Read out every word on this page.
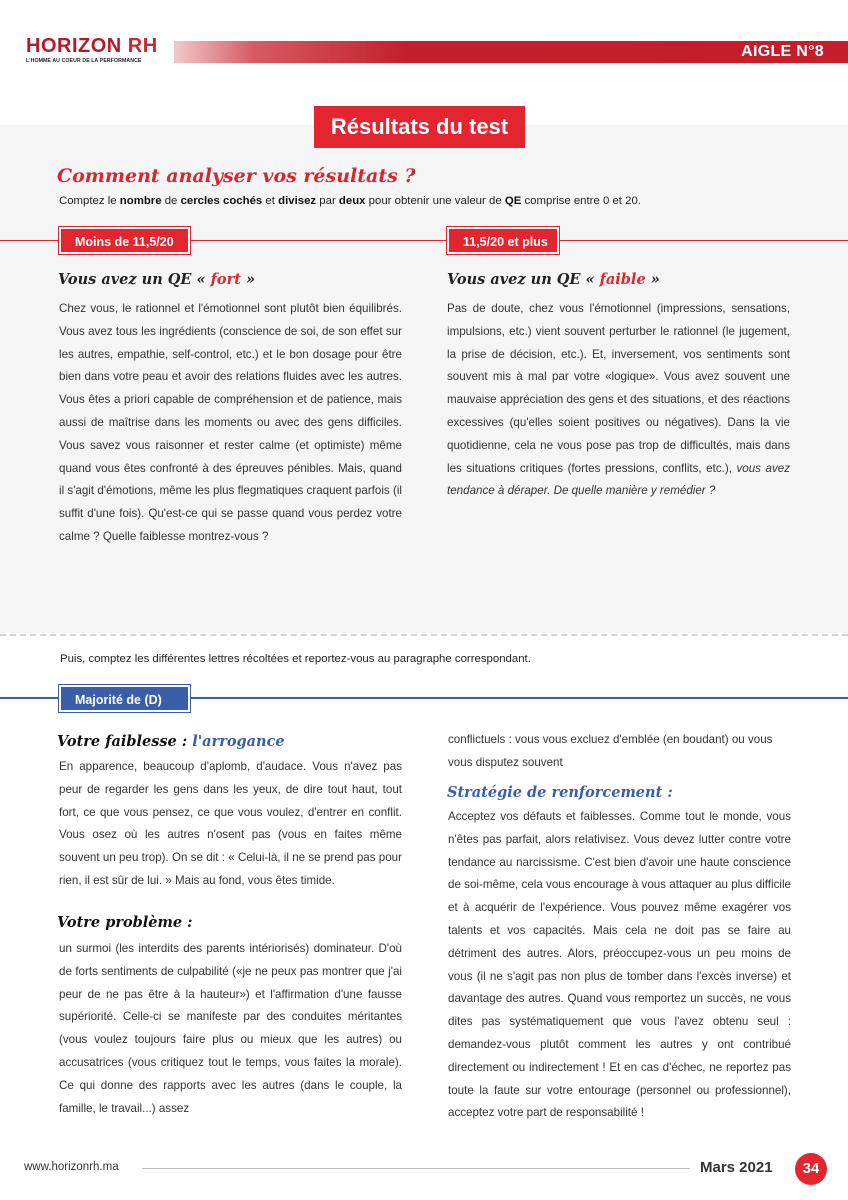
HORIZON RH
L'HOMME AU COEUR DE LA PERFORMANCE
AIGLE N°8
Résultats du test
Comment analyser vos résultats ?
Comptez le nombre de cercles cochés et divisez par deux pour obtenir une valeur de QE comprise entre 0 et 20.
Moins de 11,5/20	11,5/20 et plus
Vous avez un QE « fort »	Vous avez un QE « faible »
Chez vous, le rationnel et l'émotionnel sont plutôt bien équilibrés. Vous avez tous les ingrédients (conscience de soi, de son effet sur les autres, empathie, self-control, etc.) et le bon dosage pour être bien dans votre peau et avoir des relations fluides avec les autres. Vous êtes a priori capable de compréhension et de patience, mais aussi de maîtrise dans les moments ou avec des gens difficiles. Vous savez vous raisonner et rester calme (et optimiste) même quand vous êtes confronté à des épreuves pénibles. Mais, quand il s'agit d'émotions, même les plus flegmatiques craquent parfois (il suffit d'une fois). Qu'est-ce qui se passe quand vous perdez votre calme ? Quelle faiblesse montrez-vous ?
Pas de doute, chez vous l'émotionnel (impressions, sensations, impulsions, etc.) vient souvent perturber le rationnel (le jugement, la prise de décision, etc.). Et, inversement, vos sentiments sont souvent mis à mal par votre «logique». Vous avez souvent une mauvaise appréciation des gens et des situations, et des réactions excessives (qu'elles soient positives ou négatives). Dans la vie quotidienne, cela ne vous pose pas trop de difficultés, mais dans les situations critiques (fortes pressions, conflits, etc.), vous avez tendance à déraper. De quelle manière y remédier ?
Puis, comptez les différentes lettres récoltées et reportez-vous au paragraphe correspondant.
Majorité de (D)
Votre faiblesse : l'arrogance
En apparence, beaucoup d'aplomb, d'audace. Vous n'avez pas peur de regarder les gens dans les yeux, de dire tout haut, tout fort, ce que vous pensez, ce que vous voulez, d'entrer en conflit. Vous osez où les autres n'osent pas (vous en faites même souvent un peu trop). On se dit : « Celui-là, il ne se prend pas pour rien, il est sûr de lui. » Mais au fond, vous êtes timide.
Votre problème :
un surmoi (les interdits des parents intériorisés) dominateur. D'où de forts sentiments de culpabilité («je ne peux pas montrer que j'ai peur de ne pas être à la hauteur») et l'affirmation d'une fausse supériorité. Celle-ci se manifeste par des conduites méritantes (vous voulez toujours faire plus ou mieux que les autres) ou accusatrices (vous critiquez tout le temps, vous faites la morale). Ce qui donne des rapports avec les autres (dans le couple, la famille, le travail...) assez
conflictuels : vous vous excluez d'emblée (en boudant) ou vous vous disputez souvent
Stratégie de renforcement :
Acceptez vos défauts et faiblesses. Comme tout le monde, vous n'êtes pas parfait, alors relativisez. Vous devez lutter contre votre tendance au narcissisme. C'est bien d'avoir une haute conscience de soi-même, cela vous encourage à vous attaquer au plus difficile et à acquérir de l'expérience. Vous pouvez même exagérer vos talents et vos capacités. Mais cela ne doit pas se faire au détriment des autres. Alors, préoccupez-vous un peu moins de vous (il ne s'agit pas non plus de tomber dans l'excès inverse) et davantage des autres. Quand vous remportez un succès, ne vous dites pas systématiquement que vous l'avez obtenu seul : demandez-vous plutôt comment les autres y ont contribué directement ou indirectement ! Et en cas d'échec, ne reportez pas toute la faute sur votre entourage (personnel ou professionnel), acceptez votre part de responsabilité !
www.horizonrh.ma	Mars 2021	34
